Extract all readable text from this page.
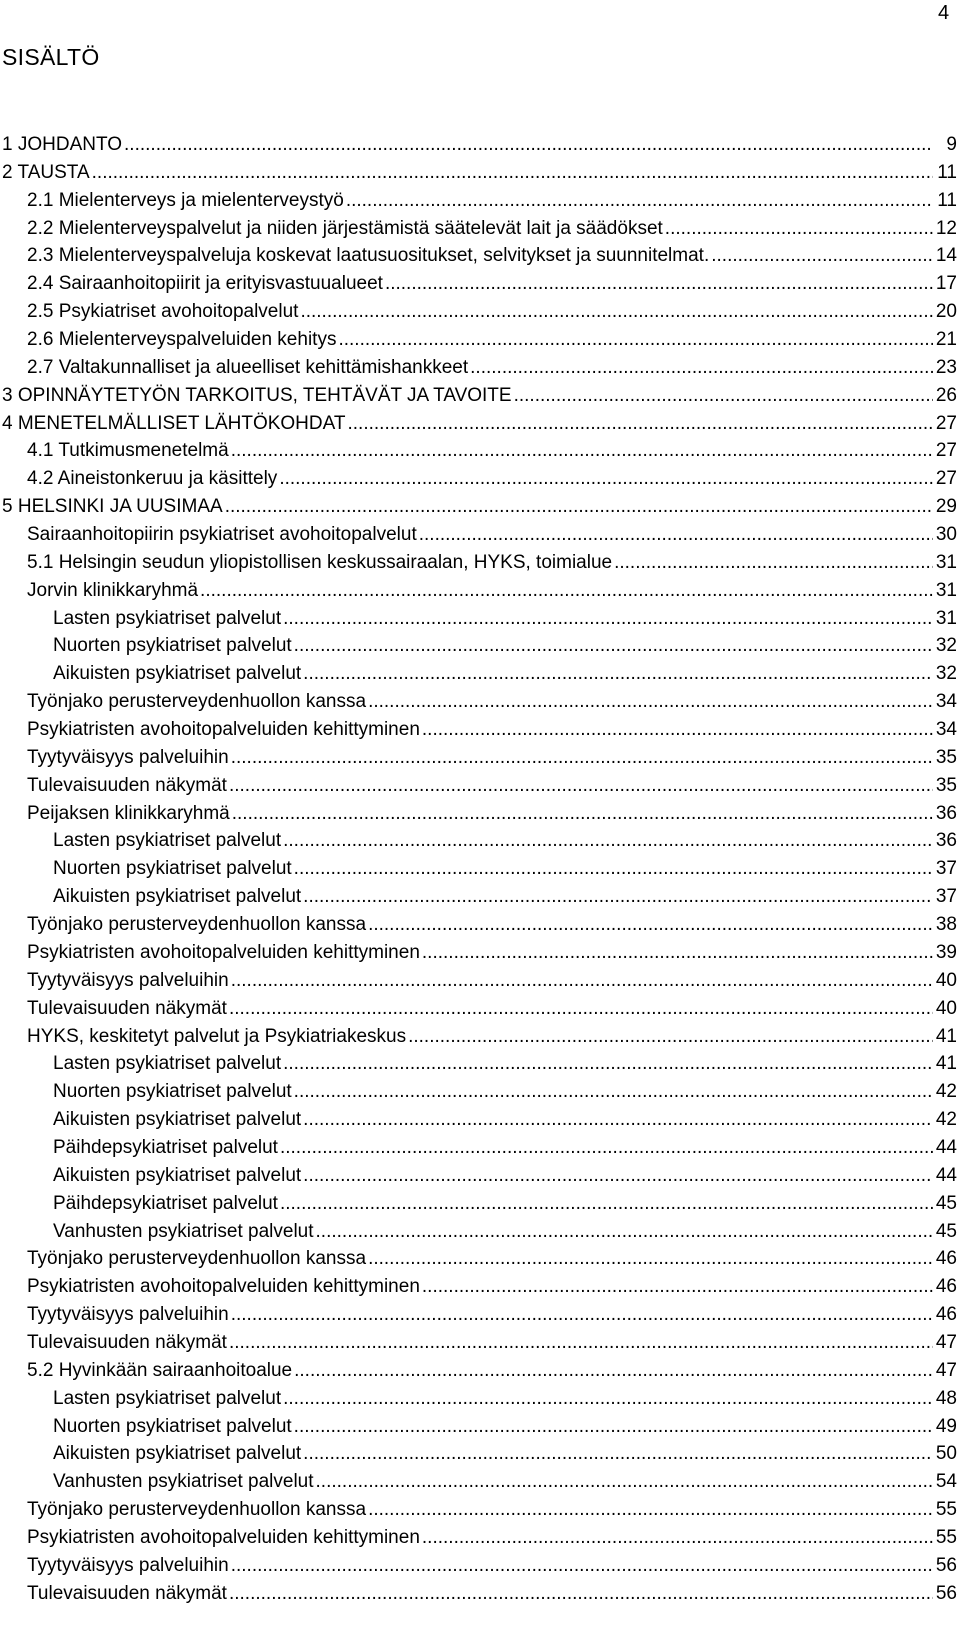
4
SISÄLTÖ
1 JOHDANTO .....	9
2 TAUSTA .....	11
2.1 Mielenterveys ja mielenterveystyö .....	11
2.2 Mielenterveyspalvelut ja niiden järjestämistä säätelevät lait ja säädökset .....	12
2.3 Mielenterveyspalveluja koskevat laatusuositukset, selvitykset ja suunnitelmat. .....	14
2.4 Sairaanhoitopiirit ja erityisvastuualueet .....	17
2.5 Psykiatriset avohoitopalvelut .....	20
2.6 Mielenterveyspalveluiden kehitys .....	21
2.7 Valtakunnalliset ja alueelliset kehittämishankkeet .....	23
3 OPINNÄYTETYÖN TARKOITUS, TEHTÄVÄT JA TAVOITE .....	26
4 MENETELMÄLLISET LÄHTÖKOHDAT .....	27
4.1 Tutkimusmenetelmä .....	27
4.2 Aineistonkeruu ja käsittely .....	27
5 HELSINKI JA UUSIMAA .....	29
Sairaanhoitopiirin psykiatriset avohoitopalvelut .....	30
5.1 Helsingin seudun yliopistollisen keskussairaalan, HYKS, toimialue .....	31
Jorvin klinikkaryhmä .....	31
Lasten psykiatriset palvelut .....	31
Nuorten psykiatriset palvelut .....	32
Aikuisten psykiatriset palvelut .....	32
Työnjako perusterveydenhuollon kanssa .....	34
Psykiatristen avohoitopalveluiden kehittyminen .....	34
Tyytyväisyys palveluihin .....	35
Tulevaisuuden näkymät .....	35
Peijaksen klinikkaryhmä .....	36
Lasten psykiatriset palvelut .....	36
Nuorten psykiatriset palvelut .....	37
Aikuisten psykiatriset palvelut .....	37
Työnjako perusterveydenhuollon kanssa .....	38
Psykiatristen avohoitopalveluiden kehittyminen .....	39
Tyytyväisyys palveluihin .....	40
Tulevaisuuden näkymät .....	40
HYKS, keskitetyt palvelut ja Psykiatriakeskus .....	41
Lasten psykiatriset palvelut .....	41
Nuorten psykiatriset palvelut .....	42
Aikuisten psykiatriset palvelut .....	42
Päihdepsykiatriset palvelut .....	44
Aikuisten psykiatriset palvelut .....	44
Päihdepsykiatriset palvelut .....	45
Vanhusten psykiatriset palvelut .....	45
Työnjako perusterveydenhuollon kanssa .....	46
Psykiatristen avohoitopalveluiden kehittyminen .....	46
Tyytyväisyys palveluihin .....	46
Tulevaisuuden näkymät .....	47
5.2 Hyvinkään sairaanhoitoalue .....	47
Lasten psykiatriset palvelut .....	48
Nuorten psykiatriset palvelut .....	49
Aikuisten psykiatriset palvelut .....	50
Vanhusten psykiatriset palvelut .....	54
Työnjako perusterveydenhuollon kanssa .....	55
Psykiatristen avohoitopalveluiden kehittyminen .....	55
Tyytyväisyys palveluihin .....	56
Tulevaisuuden näkymät .....	56
